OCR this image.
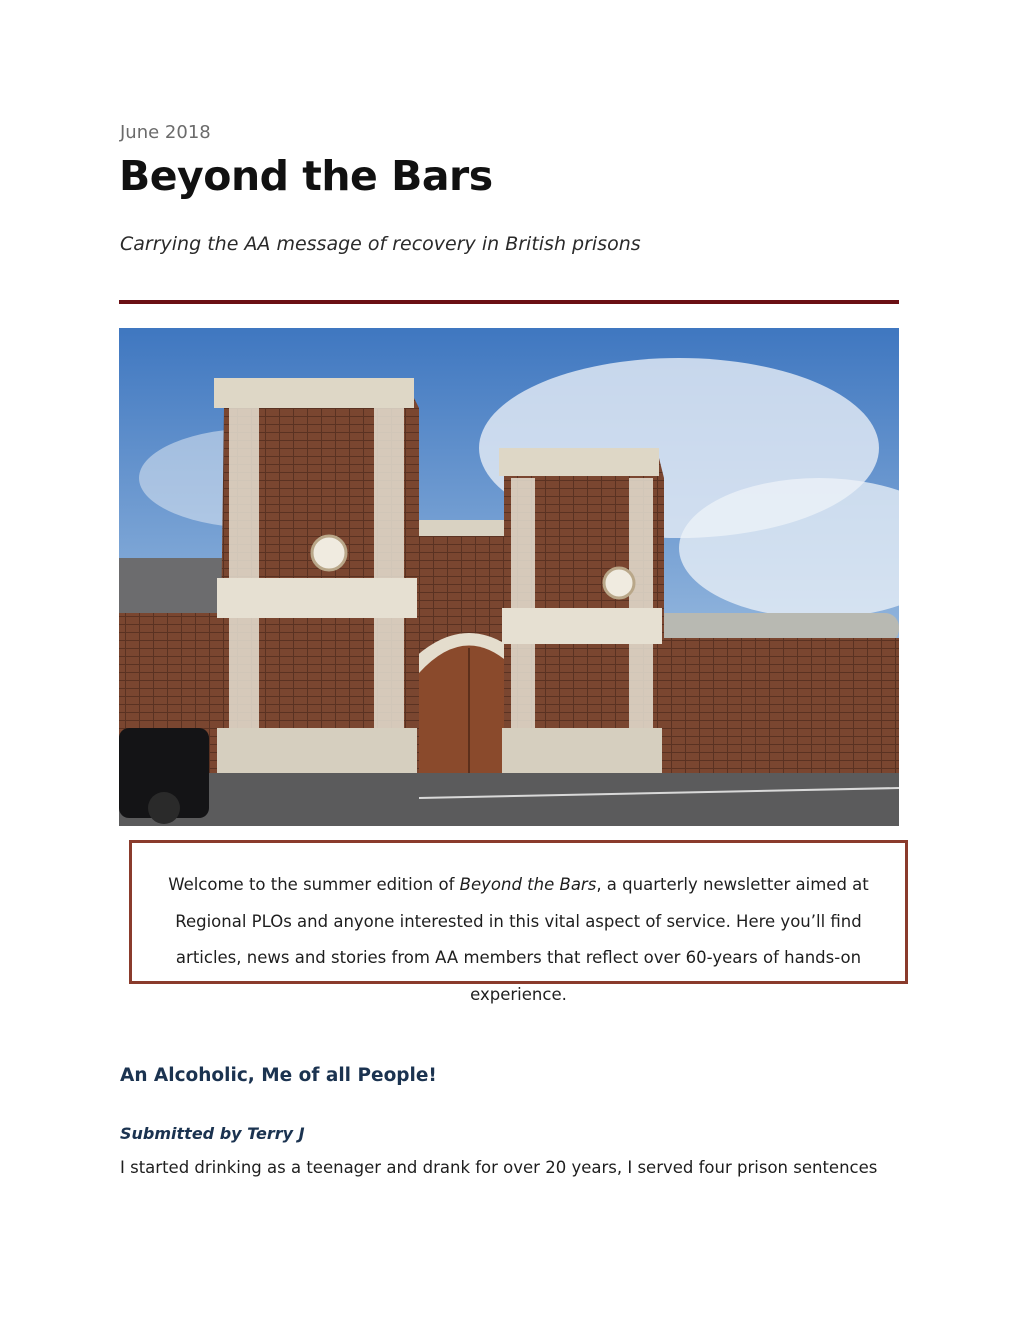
June 2018
Beyond the Bars
Carrying the AA message of recovery in British prisons
Welcome to the summer edition of Beyond the Bars, a quarterly newsletter aimed at Regional PLOs and anyone interested in this vital aspect of service. Here you’ll find articles, news and stories from AA members that reflect over 60-years of hands-on experience.
An Alcoholic, Me of all People!
Submitted by Terry J
I started drinking as a teenager and drank for over 20 years, I served four prison sentences
